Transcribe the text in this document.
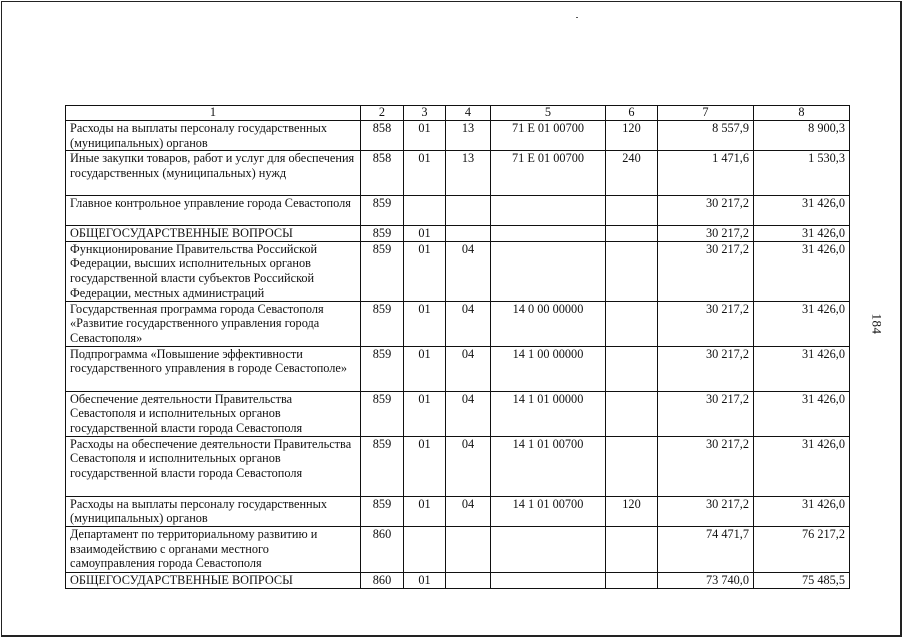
184
1	2	3	4	5	6	7	8
Расходы на выплаты персоналу государственных (муниципальных) органов	858	01	13	71 Е 01 00700	120	8 557,9	8 900,3
Иные закупки товаров, работ и услуг для обеспечения государственных (муниципальных) нужд	858	01	13	71 Е 01 00700	240	1 471,6	1 530,3
Главное контрольное управление города Севастополя	859					30 217,2	31 426,0
ОБЩЕГОСУДАРСТВЕННЫЕ ВОПРОСЫ	859	01				30 217,2	31 426,0
Функционирование Правительства Российской Федерации, высших исполнительных органов государственной власти субъектов Российской Федерации, местных администраций	859	01	04			30 217,2	31 426,0
Государственная программа города Севастополя «Развитие государственного управления города Севастополя»	859	01	04	14 0 00 00000		30 217,2	31 426,0
Подпрограмма «Повышение эффективности государственного управления в городе Севастополе»	859	01	04	14 1 00 00000		30 217,2	31 426,0
Обеспечение деятельности Правительства Севастополя и исполнительных органов государственной власти города Севастополя	859	01	04	14 1 01 00000		30 217,2	31 426,0
Расходы на обеспечение деятельности Правительства Севастополя и исполнительных органов государственной власти города Севастополя	859	01	04	14 1 01 00700		30 217,2	31 426,0
Расходы на выплаты персоналу государственных (муниципальных) органов	859	01	04	14 1 01 00700	120	30 217,2	31 426,0
Департамент по территориальному развитию и взаимодействию с органами местного самоуправления города Севастополя	860					74 471,7	76 217,2
ОБЩЕГОСУДАРСТВЕННЫЕ ВОПРОСЫ	860	01				73 740,0	75 485,5
